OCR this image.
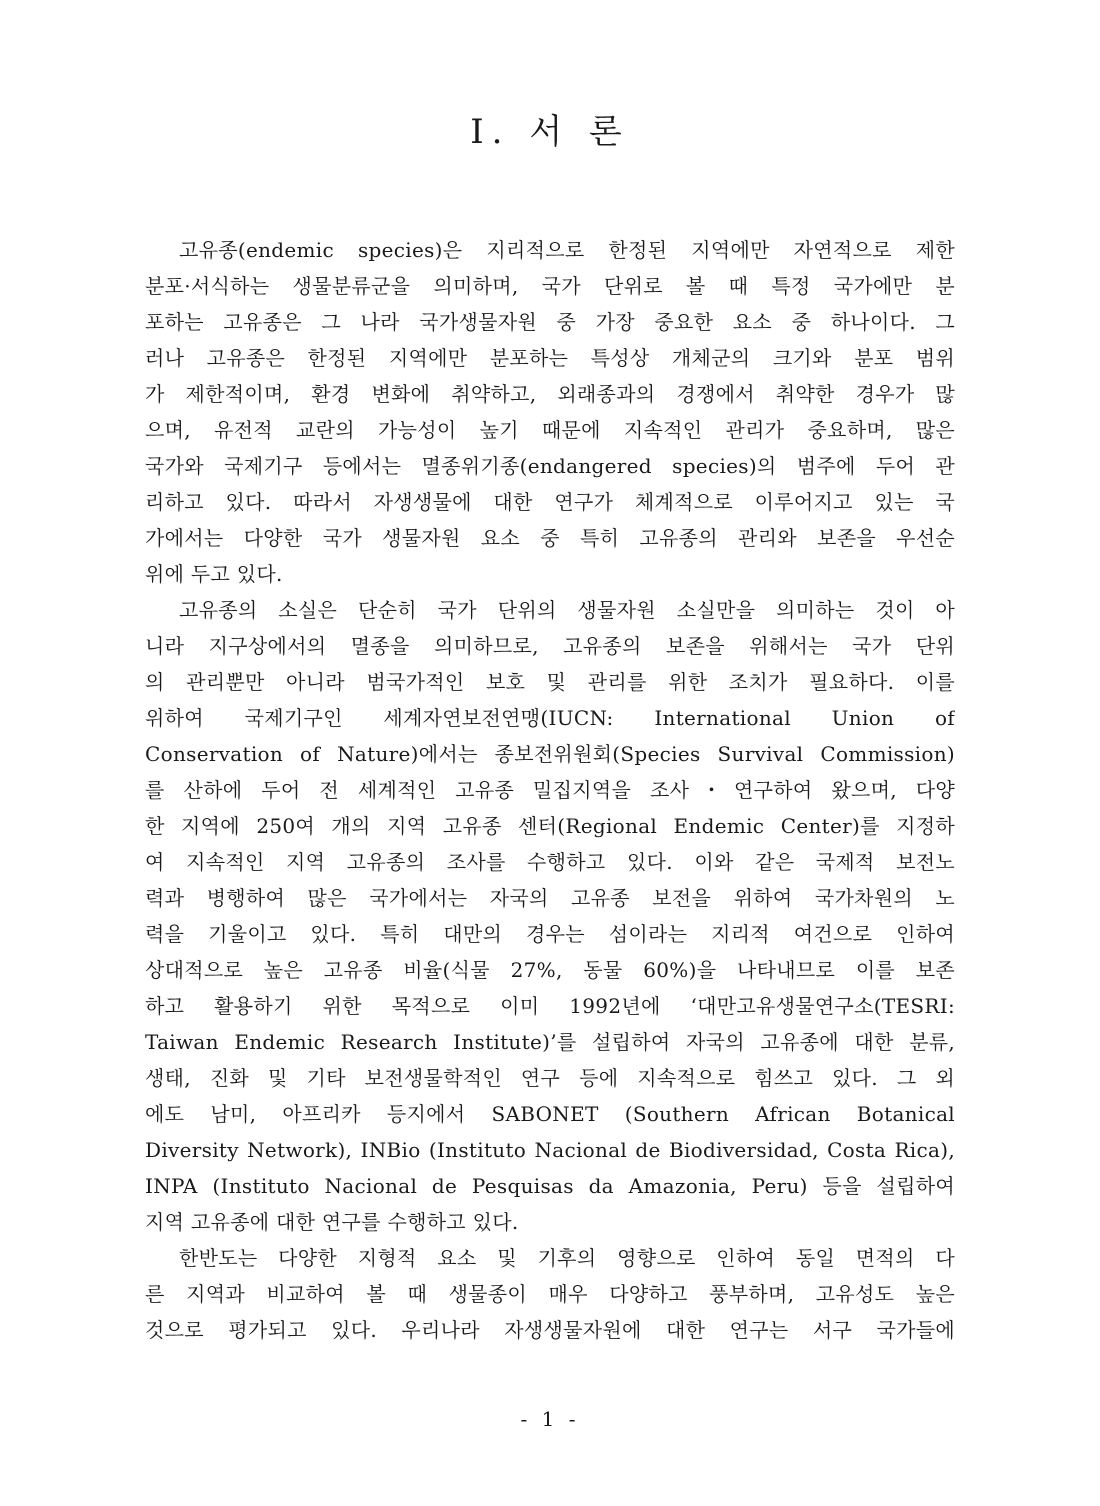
Ⅰ. 서 론
고유종(endemic species)은 지리적으로 한정된 지역에만 자연적으로 제한
분포·서식하는 생물분류군을 의미하며, 국가 단위로 볼 때 특정 국가에만 분
포하는 고유종은 그 나라 국가생물자원 중 가장 중요한 요소 중 하나이다. 그
러나 고유종은 한정된 지역에만 분포하는 특성상 개체군의 크기와 분포 범위
가 제한적이며, 환경 변화에 취약하고, 외래종과의 경쟁에서 취약한 경우가 많
으며, 유전적 교란의 가능성이 높기 때문에 지속적인 관리가 중요하며, 많은
국가와 국제기구 등에서는 멸종위기종(endangered species)의 범주에 두어 관
리하고 있다. 따라서 자생생물에 대한 연구가 체계적으로 이루어지고 있는 국
가에서는 다양한 국가 생물자원 요소 중 특히 고유종의 관리와 보존을 우선순
위에 두고 있다.
고유종의 소실은 단순히 국가 단위의 생물자원 소실만을 의미하는 것이 아
니라 지구상에서의 멸종을 의미하므로, 고유종의 보존을 위해서는 국가 단위
의 관리뿐만 아니라 범국가적인 보호 및 관리를 위한 조치가 필요하다. 이를
위하여 국제기구인 세계자연보전연맹(IUCN: International Union of
Conservation of Nature)에서는 종보전위원회(Species Survival Commission)
를 산하에 두어 전 세계적인 고유종 밀집지역을 조사・연구하여 왔으며, 다양
한 지역에 250여 개의 지역 고유종 센터(Regional Endemic Center)를 지정하
여 지속적인 지역 고유종의 조사를 수행하고 있다. 이와 같은 국제적 보전노
력과 병행하여 많은 국가에서는 자국의 고유종 보전을 위하여 국가차원의 노
력을 기울이고 있다. 특히 대만의 경우는 섬이라는 지리적 여건으로 인하여
상대적으로 높은 고유종 비율(식물 27%, 동물 60%)을 나타내므로 이를 보존
하고 활용하기 위한 목적으로 이미 1992년에 ‘대만고유생물연구소(TESRI:
Taiwan Endemic Research Institute)’를 설립하여 자국의 고유종에 대한 분류,
생태, 진화 및 기타 보전생물학적인 연구 등에 지속적으로 힘쓰고 있다. 그 외
에도 남미, 아프리카 등지에서 SABONET (Southern African Botanical
Diversity Network), INBio (Instituto Nacional de Biodiversidad, Costa Rica),
INPA (Instituto Nacional de Pesquisas da Amazonia, Peru) 등을 설립하여
지역 고유종에 대한 연구를 수행하고 있다.
한반도는 다양한 지형적 요소 및 기후의 영향으로 인하여 동일 면적의 다
른 지역과 비교하여 볼 때 생물종이 매우 다양하고 풍부하며, 고유성도 높은
것으로 평가되고 있다. 우리나라 자생생물자원에 대한 연구는 서구 국가들에
- 1 -
